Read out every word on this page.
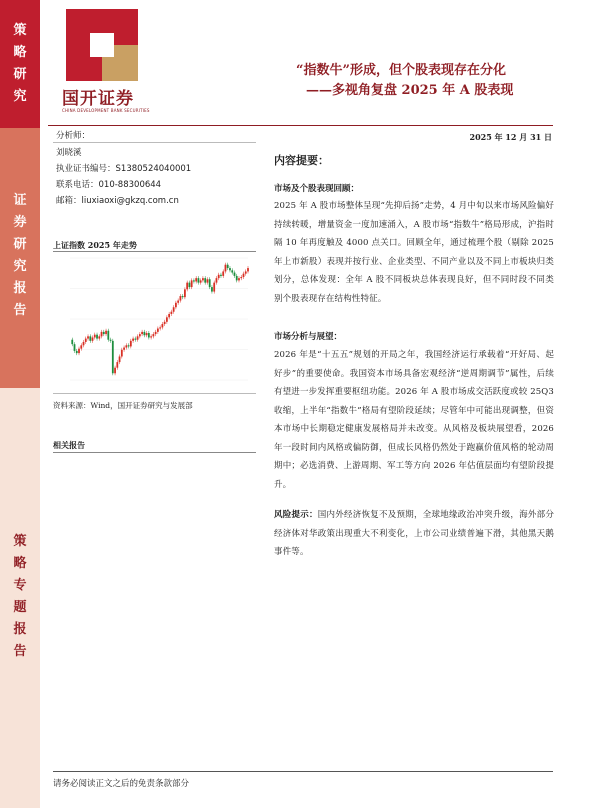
策
略
研
究
证
券
研
究
报
告
策
略
专
题
报
告
国开证券
CHINA DEVELOPMENT BANK SECURITIES
“指数牛”形成，但个股表现存在分化
——多视角复盘 2025 年 A 股表现
2025 年 12 月 31 日
分析师：
刘晓溪
执业证书编号：S1380524040001
联系电话：010-88300644
邮箱：liuxiaoxi@gkzq.com.cn
上证指数 2025 年走势
资料来源：Wind，国开证券研究与发展部
相关报告
内容提要：
市场及个股表现回顾：
2025 年 A 股市场整体呈现“先抑后扬”走势，4 月中旬以来市场风险偏好持续转暖，增量资金一度加速涌入，A 股市场“指数牛”格局形成，沪指时隔 10 年再度触及 4000 点关口。回顾全年，通过梳理个股（剔除 2025 年上市新股）表现并按行业、企业类型、不同产业以及不同上市板块归类划分，总体发现：全年 A 股不同板块总体表现良好，但不同时段不同类别个股表现存在结构性特征。
市场分析与展望：
2026 年是“十五五”规划的开局之年，我国经济运行承载着“开好局、起好步”的重要使命。我国资本市场具备宏观经济“逆周期调节”属性，后续有望进一步发挥重要枢纽功能。2026 年 A 股市场成交活跃度或较 25Q3 收缩，上半年“指数牛”格局有望阶段延续；尽管年中可能出现调整，但资本市场中长期稳定健康发展格局并未改变。从风格及板块展望看，2026 年一段时间内风格或偏防御，但成长风格仍然处于跑赢价值风格的轮动周期中；必选消费、上游周期、军工等方向 2026 年估值层面均有望阶段提升。
风险提示：国内外经济恢复不及预期，全球地缘政治冲突升级，海外部分经济体对华政策出现重大不利变化，上市公司业绩普遍下滑，其他黑天鹅事件等。
请务必阅读正文之后的免责条款部分
